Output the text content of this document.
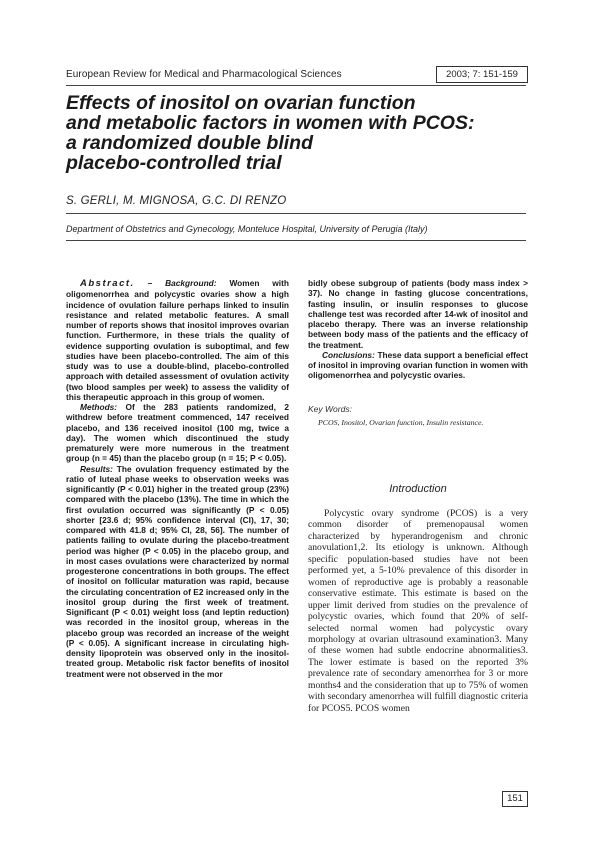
European Review for Medical and Pharmacological Sciences	2003; 7: 151-159
Effects of inositol on ovarian function
and metabolic factors in women with PCOS:
a randomized double blind
placebo-controlled trial
S. GERLI, M. MIGNOSA, G.C. DI RENZO
Department of Obstetrics and Gynecology, Monteluce Hospital, University of Perugia (Italy)

Abstract. – Background: Women with oligomenorrhea and polycystic ovaries show a high incidence of ovulation failure perhaps linked to insulin resistance and related metabolic features. A small number of reports shows that inositol improves ovarian function. Furthermore, in these trials the quality of evidence supporting ovulation is suboptimal, and few studies have been placebo-controlled. The aim of this study was to use a double-blind, placebo-controlled approach with detailed assessment of ovulation activity (two blood samples per week) to assess the validity of this therapeutic approach in this group of women.

Methods: Of the 283 patients randomized, 2 withdrew before treatment commenced, 147 received placebo, and 136 received inositol (100 mg, twice a day). The women which discontinued the study prematurely were more numerous in the treatment group (n = 45) than the placebo group (n = 15; P < 0.05).

Results: The ovulation frequency estimated by the ratio of luteal phase weeks to observation weeks was significantly (P < 0.01) higher in the treated group (23%) compared with the placebo (13%). The time in which the first ovulation occurred was significantly (P < 0.05) shorter [23.6 d; 95% confidence interval (CI), 17, 30; compared with 41.8 d; 95% CI, 28, 56]. The number of patients failing to ovulate during the placebo-treatment period was higher (P < 0.05) in the placebo group, and in most cases ovulations were characterized by normal progesterone concentrations in both groups. The effect of inositol on follicular maturation was rapid, because the circulating concentration of E2 increased only in the inositol group during the first week of treatment. Significant (P < 0.01) weight loss (and leptin reduction) was recorded in the inositol group, whereas in the placebo group was recorded an increase of the weight (P < 0.05). A significant increase in circulating high-density lipoprotein was observed only in the inositol-treated group. Metabolic risk factor benefits of inositol treatment were not observed in the mor

bidly obese subgroup of patients (body mass index > 37). No change in fasting glucose concentrations, fasting insulin, or insulin responses to glucose challenge test was recorded after 14-wk of inositol and placebo therapy. There was an inverse relationship between body mass of the patients and the efficacy of the treatment.

Conclusions: These data support a beneficial effect of inositol in improving ovarian function in women with oligomenorrhea and polycystic ovaries.

Key Words:
PCOS, Inositol, Ovarian function, Insulin resistance.
Introduction

Polycystic ovary syndrome (PCOS) is a very common disorder of premenopausal women characterized by hyperandrogenism and chronic anovulation1,2. Its etiology is unknown. Although specific population-based studies have not been performed yet, a 5-10% prevalence of this disorder in women of reproductive age is probably a reasonable conservative estimate. This estimate is based on the upper limit derived from studies on the prevalence of polycystic ovaries, which found that 20% of self-selected normal women had polycystic ovary morphology at ovarian ultrasound examination3. Many of these women had subtle endocrine abnormalities3. The lower estimate is based on the reported 3% prevalence rate of secondary amenorrhea for 3 or more months4 and the consideration that up to 75% of women with secondary amenorrhea will fulfill diagnostic criteria for PCOS5. PCOS women

151
